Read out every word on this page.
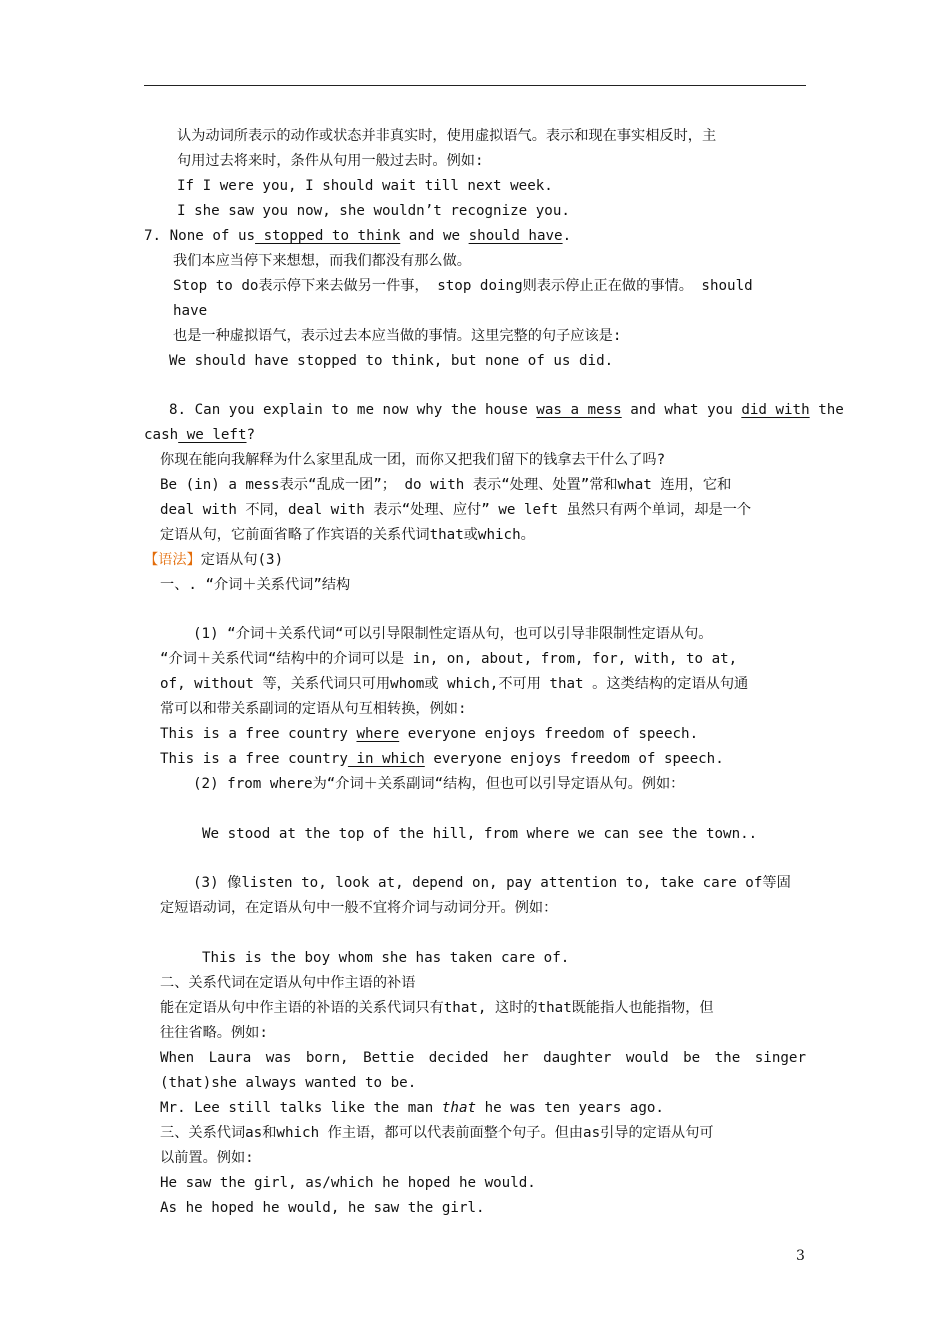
认为动词所表示的动作或状态并非真实时，使用虚拟语气。表示和现在事实相反时，主
句用过去将来时，条件从句用一般过去时。例如:
If I were you, I should wait till next week.
I she saw you now, she wouldn’t recognize you.
7. None of us stopped to think and we should have.
我们本应当停下来想想，而我们都没有那么做。
Stop to do表示停下来去做另一件事， stop doing则表示停止正在做的事情。 should
have
也是一种虚拟语气，表示过去本应当做的事情。这里完整的句子应该是:
We should have stopped to think, but none of us did.
8. Can you explain to me now why the house was a mess and what you did with the
cash we left?
你现在能向我解释为什么家里乱成一团，而你又把我们留下的钱拿去干什么了吗?
Be (in) a mess表示“乱成一团”； do with 表示“处理、处置”常和what 连用，它和
deal with 不同，deal with 表示“处理、应付” we left 虽然只有两个单词，却是一个
定语从句，它前面省略了作宾语的关系代词that或which。
【语法】定语从句(3)
一、. “介词＋关系代词”结构
(1) “介词＋关系代词“可以引导限制性定语从句，也可以引导非限制性定语从句。
“介词＋关系代词“结构中的介词可以是 in, on, about, from, for, with, to at,
of, without 等，关系代词只可用whom或 which,不可用 that 。这类结构的定语从句通
常可以和带关系副词的定语从句互相转换，例如:
This is a free country where everyone enjoys freedom of speech.
This is a free country in which everyone enjoys freedom of speech.
(2) from where为“介词＋关系副词“结构，但也可以引导定语从句。例如：
We stood at the top of the hill, from where we can see the town..
(3) 像listen to, look at, depend on, pay attention to, take care of等固
定短语动词，在定语从句中一般不宜将介词与动词分开。例如：
This is the boy whom she has taken care of.
二、关系代词在定语从句中作主语的补语
能在定语从句中作主语的补语的关系代词只有that, 这时的that既能指人也能指物，但
往往省略。例如:
When Laura was born, Bettie decided her daughter would be the singer
(that)she always wanted to be.
Mr. Lee still talks like the man that he was ten years ago.
三、关系代词as和which 作主语，都可以代表前面整个句子。但由as引导的定语从句可
以前置。例如:
He saw the girl, as/which he hoped he would.
As he hoped he would, he saw the girl.
3
